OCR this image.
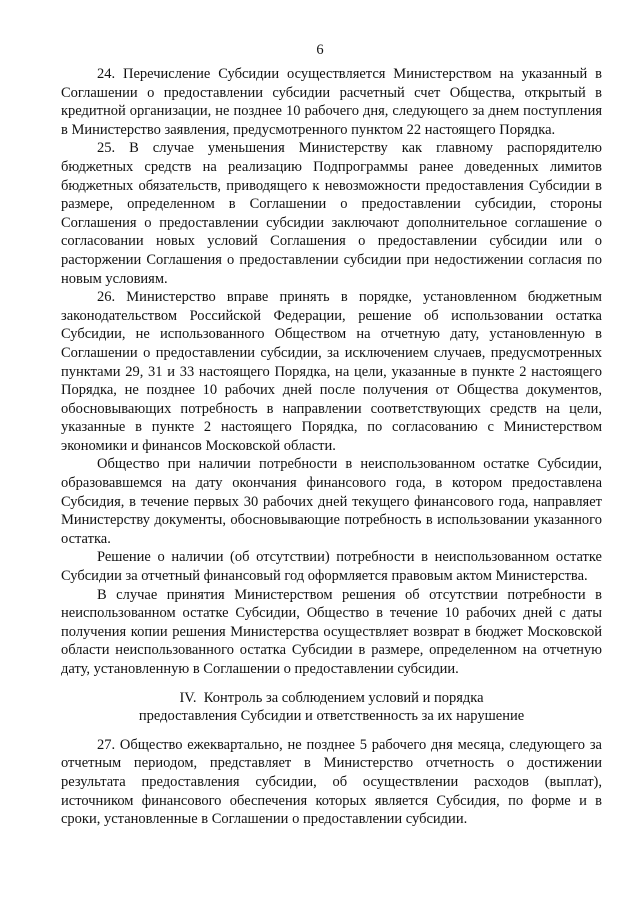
6

24. Перечисление Субсидии осуществляется Министерством на указанный в Соглашении о предоставлении субсидии расчетный счет Общества, открытый в кредитной организации, не позднее 10 рабочего дня, следующего за днем поступления в Министерство заявления, предусмотренного пунктом 22 настоящего Порядка.

25. В случае уменьшения Министерству как главному распорядителю бюджетных средств на реализацию Подпрограммы ранее доведенных лимитов бюджетных обязательств, приводящего к невозможности предоставления Субсидии в размере, определенном в Соглашении о предоставлении субсидии, стороны Соглашения о предоставлении субсидии заключают дополнительное соглашение о согласовании новых условий Соглашения о предоставлении субсидии или о расторжении Соглашения о предоставлении субсидии при недостижении согласия по новым условиям.

26. Министерство вправе принять в порядке, установленном бюджетным законодательством Российской Федерации, решение об использовании остатка Субсидии, не использованного Обществом на отчетную дату, установленную в Соглашении о предоставлении субсидии, за исключением случаев, предусмотренных пунктами 29, 31 и 33 настоящего Порядка, на цели, указанные в пункте 2 настоящего Порядка, не позднее 10 рабочих дней после получения от Общества документов, обосновывающих потребность в направлении соответствующих средств на цели, указанные в пункте 2 настоящего Порядка, по согласованию с Министерством экономики и финансов Московской области.

Общество при наличии потребности в неиспользованном остатке Субсидии, образовавшемся на дату окончания финансового года, в котором предоставлена Субсидия, в течение первых 30 рабочих дней текущего финансового года, направляет Министерству документы, обосновывающие потребность в использовании указанного остатка.

Решение о наличии (об отсутствии) потребности в неиспользованном остатке Субсидии за отчетный финансовый год оформляется правовым актом Министерства.

В случае принятия Министерством решения об отсутствии потребности в неиспользованном остатке Субсидии, Общество в течение 10 рабочих дней с даты получения копии решения Министерства осуществляет возврат в бюджет Московской области неиспользованного остатка Субсидии в размере, определенном на отчетную дату, установленную в Соглашении о предоставлении субсидии.

IV.  Контроль за соблюдением условий и порядка
предоставления Субсидии и ответственность за их нарушение

27. Общество ежеквартально, не позднее 5 рабочего дня месяца, следующего за отчетным периодом, представляет в Министерство отчетность о достижении результата предоставления субсидии, об осуществлении расходов (выплат), источником финансового обеспечения которых является Субсидия, по форме и в сроки, установленные в Соглашении о предоставлении субсидии.
